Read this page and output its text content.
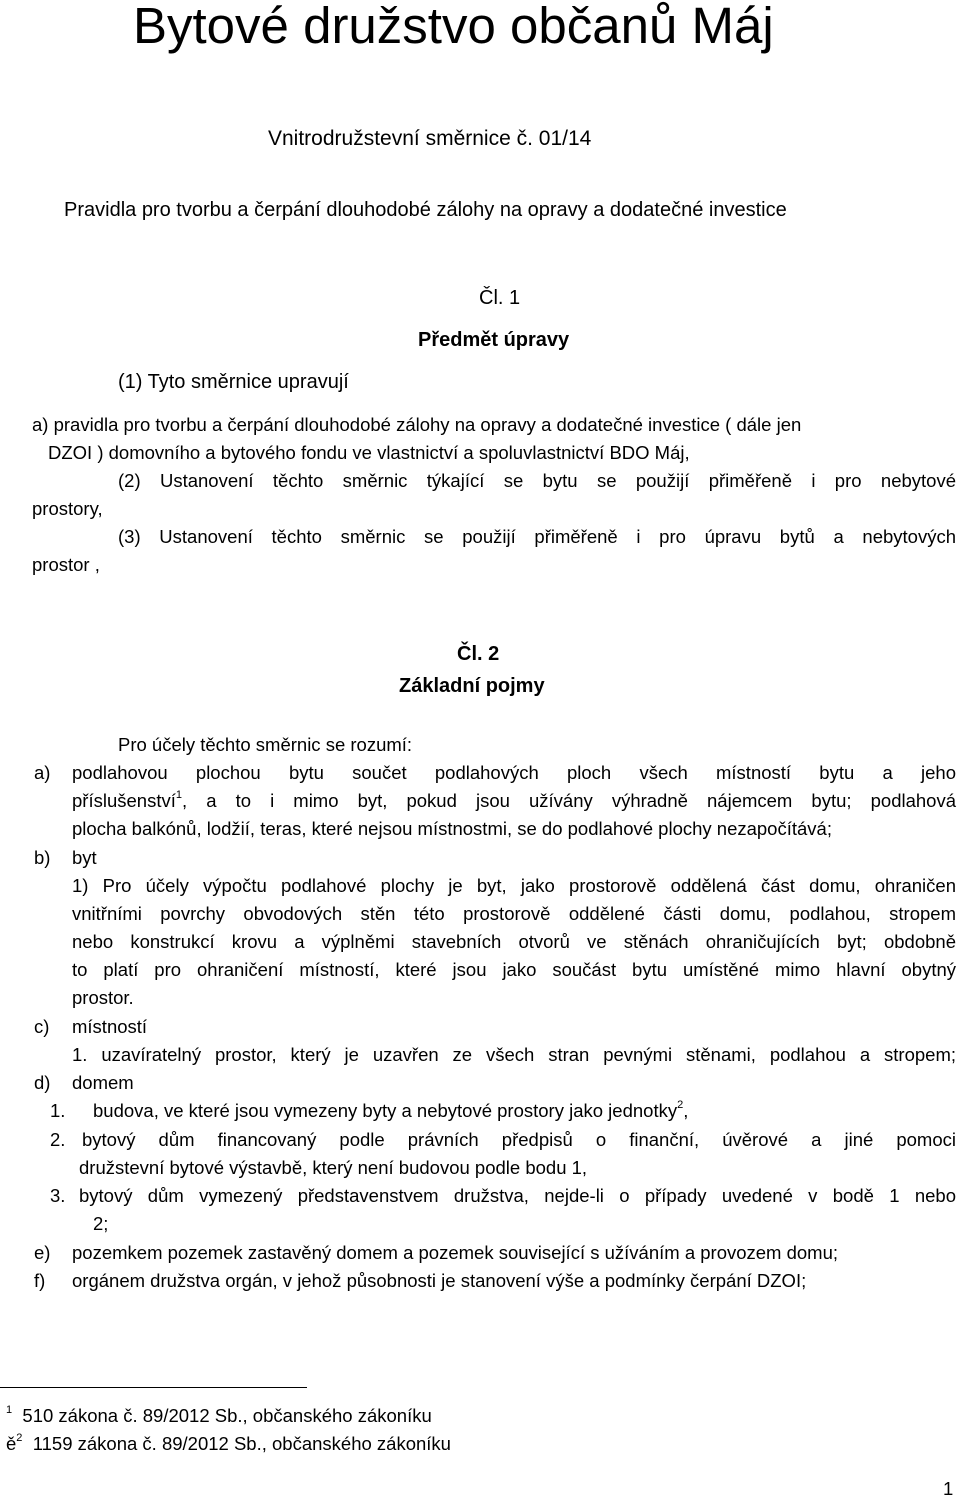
Bytové družstvo občanů Máj
Vnitrodružstevní směrnice č. 01/14
Pravidla pro tvorbu a čerpání dlouhodobé zálohy na opravy a dodatečné investice
Čl. 1
Předmět úpravy
(1) Tyto směrnice upravují
a) pravidla pro tvorbu a čerpání dlouhodobé zálohy na opravy a dodatečné investice ( dále jen
DZOI ) domovního a bytového fondu ve vlastnictví a spoluvlastnictví BDO Máj,
(2) Ustanovení těchto směrnic týkající se bytu se použijí přiměřeně i pro nebytové
prostory,
(3) Ustanovení těchto směrnic se použijí přiměřeně i pro úpravu bytů a nebytových
prostor ,
Čl. 2
Základní pojmy
Pro účely těchto směrnic se rozumí:
a) podlahovou plochou bytu součet podlahových ploch všech místností bytu a jeho
příslušenství$^1$, a to i mimo byt, pokud jsou užívány výhradně nájemcem bytu; podlahová
plocha balkónů, lodžií, teras, které nejsou místnostmi, se do podlahové plochy nezapočítává;
b) byt
1) Pro účely výpočtu podlahové plochy je byt, jako prostorově oddělená část domu, ohraničen
vnitřními povrchy obvodových stěn této prostorově oddělené části domu, podlahou, stropem
nebo konstrukcí krovu a výplněmi stavebních otvorů ve stěnách ohraničujících byt; obdobně
to platí pro ohraničení místností, které jsou jako součást bytu umístěné mimo hlavní obytný
prostor.
c) místností
1. uzavíratelný prostor, který je uzavřen ze všech stran pevnými stěnami, podlahou a stropem;
d) domem
1. budova, ve které jsou vymezeny byty a nebytové prostory jako jednotky$^2$,
2. bytový dům financovaný podle právních předpisů o finanční, úvěrové a jiné pomoci
družstevní bytové výstavbě, který není budovou podle bodu 1,
3. bytový dům vymezený představenstvem družstva, nejde-li o případy uvedené v bodě 1 nebo
2;
e) pozemkem pozemek zastavěný domem a pozemek související s užíváním a provozem domu;
f) orgánem družstva orgán, v jehož působnosti je stanovení výše a podmínky čerpání DZOI;
$^1$ 510 zákona č. 89/2012 Sb., občanského zákoníku
$ě^2$ 1159 zákona č. 89/2012 Sb., občanského zákoníku
1
